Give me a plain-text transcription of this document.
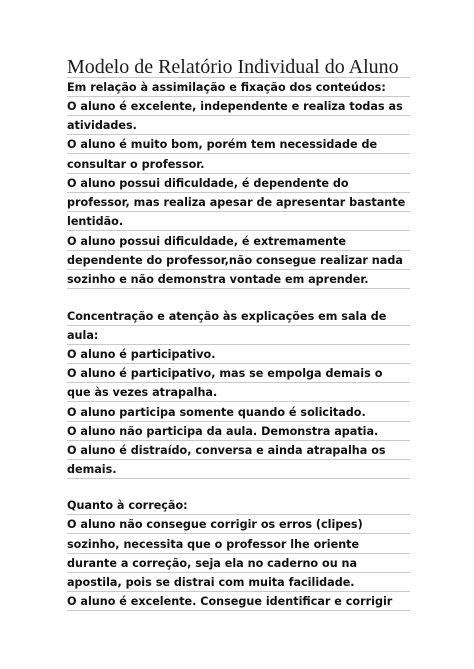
Modelo de Relatório Individual do Aluno
Em relação à assimilação e fixação dos conteúdos:
O aluno é excelente, independente e realiza todas as
atividades.
O aluno é muito bom, porém tem necessidade de
consultar o professor.
O aluno possui dificuldade, é dependente do
professor, mas realiza apesar de apresentar bastante
lentidão.
O aluno possui dificuldade, é extremamente
dependente do professor,não consegue realizar nada
sozinho e não demonstra vontade em aprender.
Concentração e atenção às explicações em sala de
aula:
O aluno é participativo.
O aluno é participativo, mas se empolga demais o
que às vezes atrapalha.
O aluno participa somente quando é solicitado.
O aluno não participa da aula. Demonstra apatia.
O aluno é distraído, conversa e ainda atrapalha os
demais.
Quanto à correção:
O aluno não consegue corrigir os erros (clipes)
sozinho, necessita que o professor lhe oriente
durante a correção, seja ela no caderno ou na
apostila, pois se distrai com muita facilidade.
O aluno é excelente. Consegue identificar e corrigir
